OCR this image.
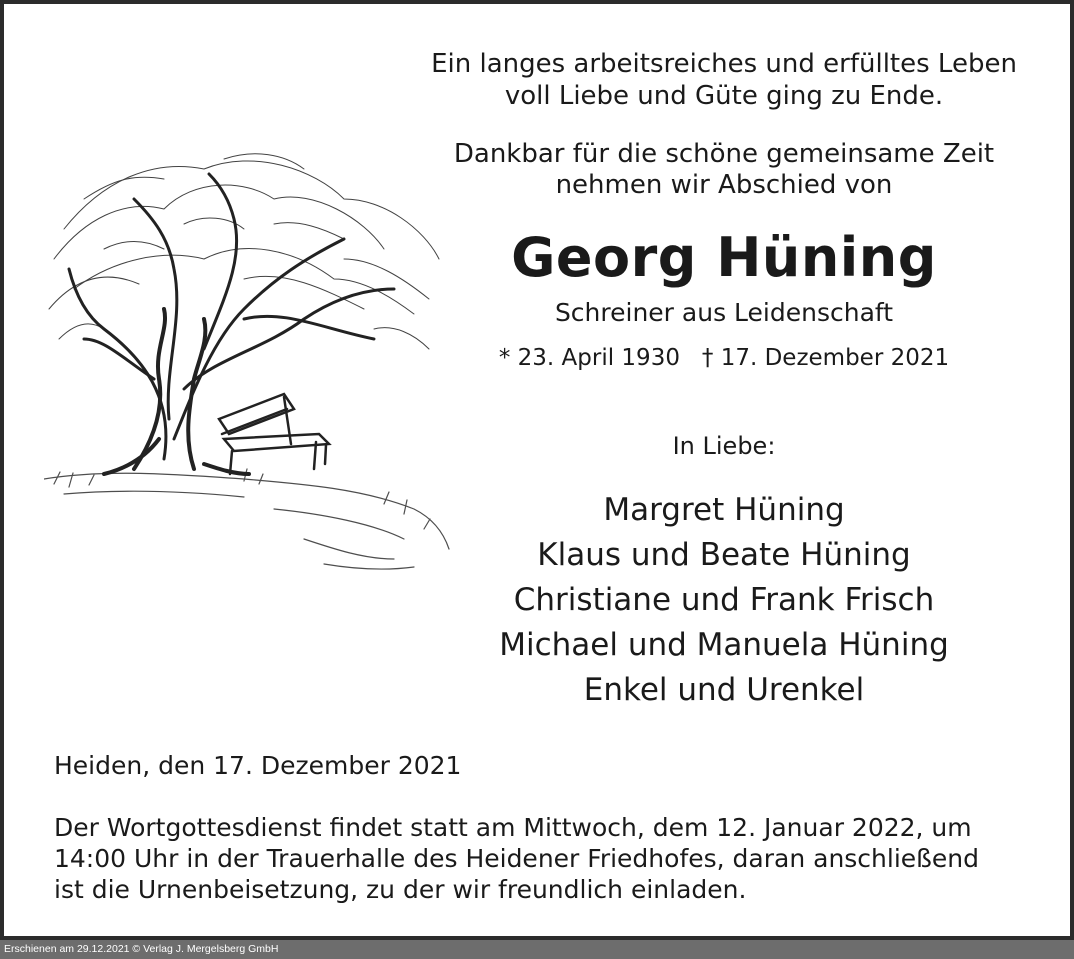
Ein langes arbeitsreiches und erfülltes Leben
voll Liebe und Güte ging zu Ende.
Dankbar für die schöne gemeinsame Zeit
nehmen wir Abschied von
Georg Hüning
Schreiner aus Leidenschaft
* 23. April 1930   † 17. Dezember 2021
In Liebe:
Margret Hüning
Klaus und Beate Hüning
Christiane und Frank Frisch
Michael und Manuela Hüning
Enkel und Urenkel
Heiden, den 17. Dezember 2021
Der Wortgottesdienst findet statt am Mittwoch, dem 12. Januar 2022, um
14:00 Uhr in der Trauerhalle des Heidener Friedhofes, daran anschließend
ist die Urnenbeisetzung, zu der wir freundlich einladen.
Erschienen am 29.12.2021 © Verlag J. Mergelsberg GmbH
